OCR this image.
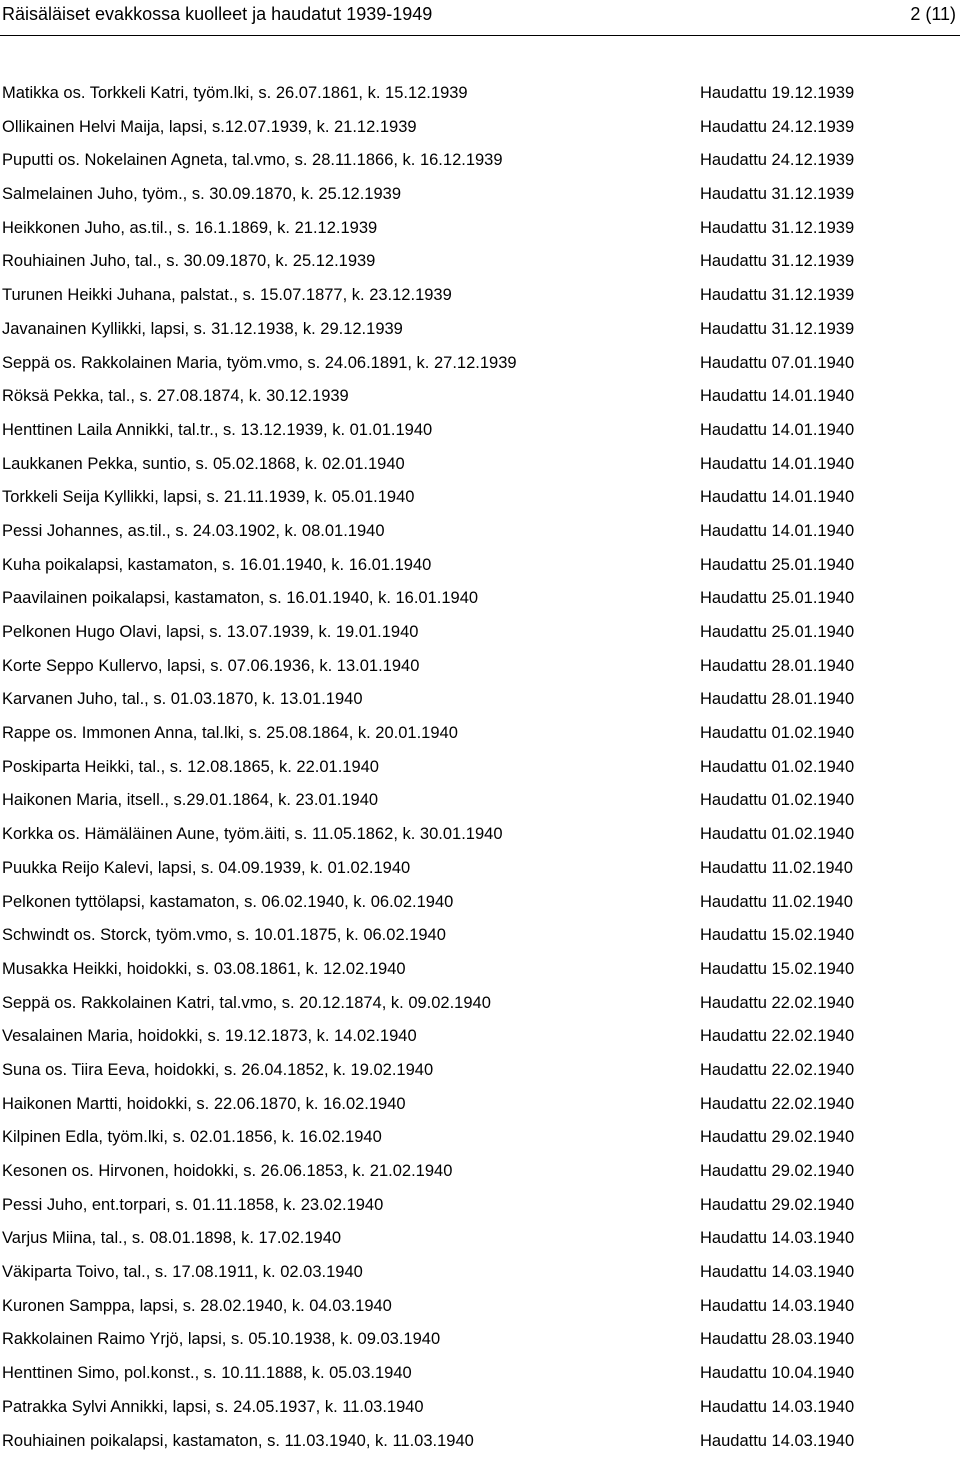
Räisäläiset evakkossa kuolleet ja haudatut 1939-1949	2 (11)
Matikka os. Torkkeli Katri, työm.lki, s. 26.07.1861, k. 15.12.1939	Haudattu 19.12.1939
Ollikainen Helvi Maija, lapsi, s.12.07.1939, k. 21.12.1939	Haudattu 24.12.1939
Puputti os. Nokelainen Agneta, tal.vmo, s. 28.11.1866, k. 16.12.1939	Haudattu 24.12.1939
Salmelainen Juho, työm., s. 30.09.1870, k. 25.12.1939	Haudattu 31.12.1939
Heikkonen Juho, as.til., s. 16.1.1869, k. 21.12.1939	Haudattu 31.12.1939
Rouhiainen Juho, tal., s. 30.09.1870, k. 25.12.1939	Haudattu 31.12.1939
Turunen Heikki Juhana, palstat., s. 15.07.1877, k. 23.12.1939	Haudattu 31.12.1939
Javanainen Kyllikki, lapsi, s. 31.12.1938, k. 29.12.1939	Haudattu 31.12.1939
Seppä os. Rakkolainen Maria, työm.vmo, s. 24.06.1891, k. 27.12.1939	Haudattu 07.01.1940
Röksä Pekka, tal., s. 27.08.1874, k. 30.12.1939	Haudattu 14.01.1940
Henttinen Laila Annikki, tal.tr., s. 13.12.1939, k. 01.01.1940	Haudattu 14.01.1940
Laukkanen Pekka, suntio, s. 05.02.1868, k. 02.01.1940	Haudattu 14.01.1940
Torkkeli Seija Kyllikki, lapsi, s. 21.11.1939, k. 05.01.1940	Haudattu 14.01.1940
Pessi Johannes, as.til., s. 24.03.1902, k. 08.01.1940	Haudattu 14.01.1940
Kuha poikalapsi, kastamaton, s. 16.01.1940, k. 16.01.1940	Haudattu 25.01.1940
Paavilainen poikalapsi, kastamaton, s. 16.01.1940, k. 16.01.1940	Haudattu 25.01.1940
Pelkonen Hugo Olavi, lapsi, s. 13.07.1939, k. 19.01.1940	Haudattu 25.01.1940
Korte Seppo Kullervo, lapsi, s. 07.06.1936, k. 13.01.1940	Haudattu 28.01.1940
Karvanen Juho, tal., s. 01.03.1870, k. 13.01.1940	Haudattu 28.01.1940
Rappe os. Immonen Anna, tal.lki, s. 25.08.1864, k. 20.01.1940	Haudattu 01.02.1940
Poskiparta Heikki, tal., s. 12.08.1865, k. 22.01.1940	Haudattu 01.02.1940
Haikonen Maria, itsell., s.29.01.1864, k. 23.01.1940	Haudattu 01.02.1940
Korkka os. Hämäläinen Aune, työm.äiti, s. 11.05.1862, k. 30.01.1940	Haudattu 01.02.1940
Puukka Reijo Kalevi, lapsi, s. 04.09.1939, k. 01.02.1940	Haudattu 11.02.1940
Pelkonen tyttölapsi, kastamaton, s. 06.02.1940, k. 06.02.1940	Haudattu 11.02.1940
Schwindt os. Storck, työm.vmo, s. 10.01.1875, k. 06.02.1940	Haudattu 15.02.1940
Musakka Heikki, hoidokki, s. 03.08.1861, k. 12.02.1940	Haudattu 15.02.1940
Seppä os. Rakkolainen Katri, tal.vmo, s. 20.12.1874, k. 09.02.1940	Haudattu 22.02.1940
Vesalainen Maria, hoidokki, s. 19.12.1873, k. 14.02.1940	Haudattu 22.02.1940
Suna os. Tiira Eeva, hoidokki, s. 26.04.1852, k. 19.02.1940	Haudattu 22.02.1940
Haikonen Martti, hoidokki, s. 22.06.1870, k. 16.02.1940	Haudattu 22.02.1940
Kilpinen Edla, työm.lki, s. 02.01.1856, k. 16.02.1940	Haudattu 29.02.1940
Kesonen os. Hirvonen, hoidokki, s. 26.06.1853, k. 21.02.1940	Haudattu 29.02.1940
Pessi Juho, ent.torpari, s. 01.11.1858, k. 23.02.1940	Haudattu 29.02.1940
Varjus Miina, tal., s. 08.01.1898, k. 17.02.1940	Haudattu 14.03.1940
Väkiparta Toivo, tal., s. 17.08.1911, k. 02.03.1940	Haudattu 14.03.1940
Kuronen Samppa, lapsi, s. 28.02.1940, k. 04.03.1940	Haudattu 14.03.1940
Rakkolainen Raimo Yrjö, lapsi, s. 05.10.1938, k. 09.03.1940	Haudattu 28.03.1940
Henttinen Simo, pol.konst., s. 10.11.1888, k. 05.03.1940	Haudattu 10.04.1940
Patrakka Sylvi Annikki, lapsi, s. 24.05.1937, k. 11.03.1940	Haudattu 14.03.1940
Rouhiainen poikalapsi, kastamaton, s. 11.03.1940, k. 11.03.1940	Haudattu 14.03.1940
